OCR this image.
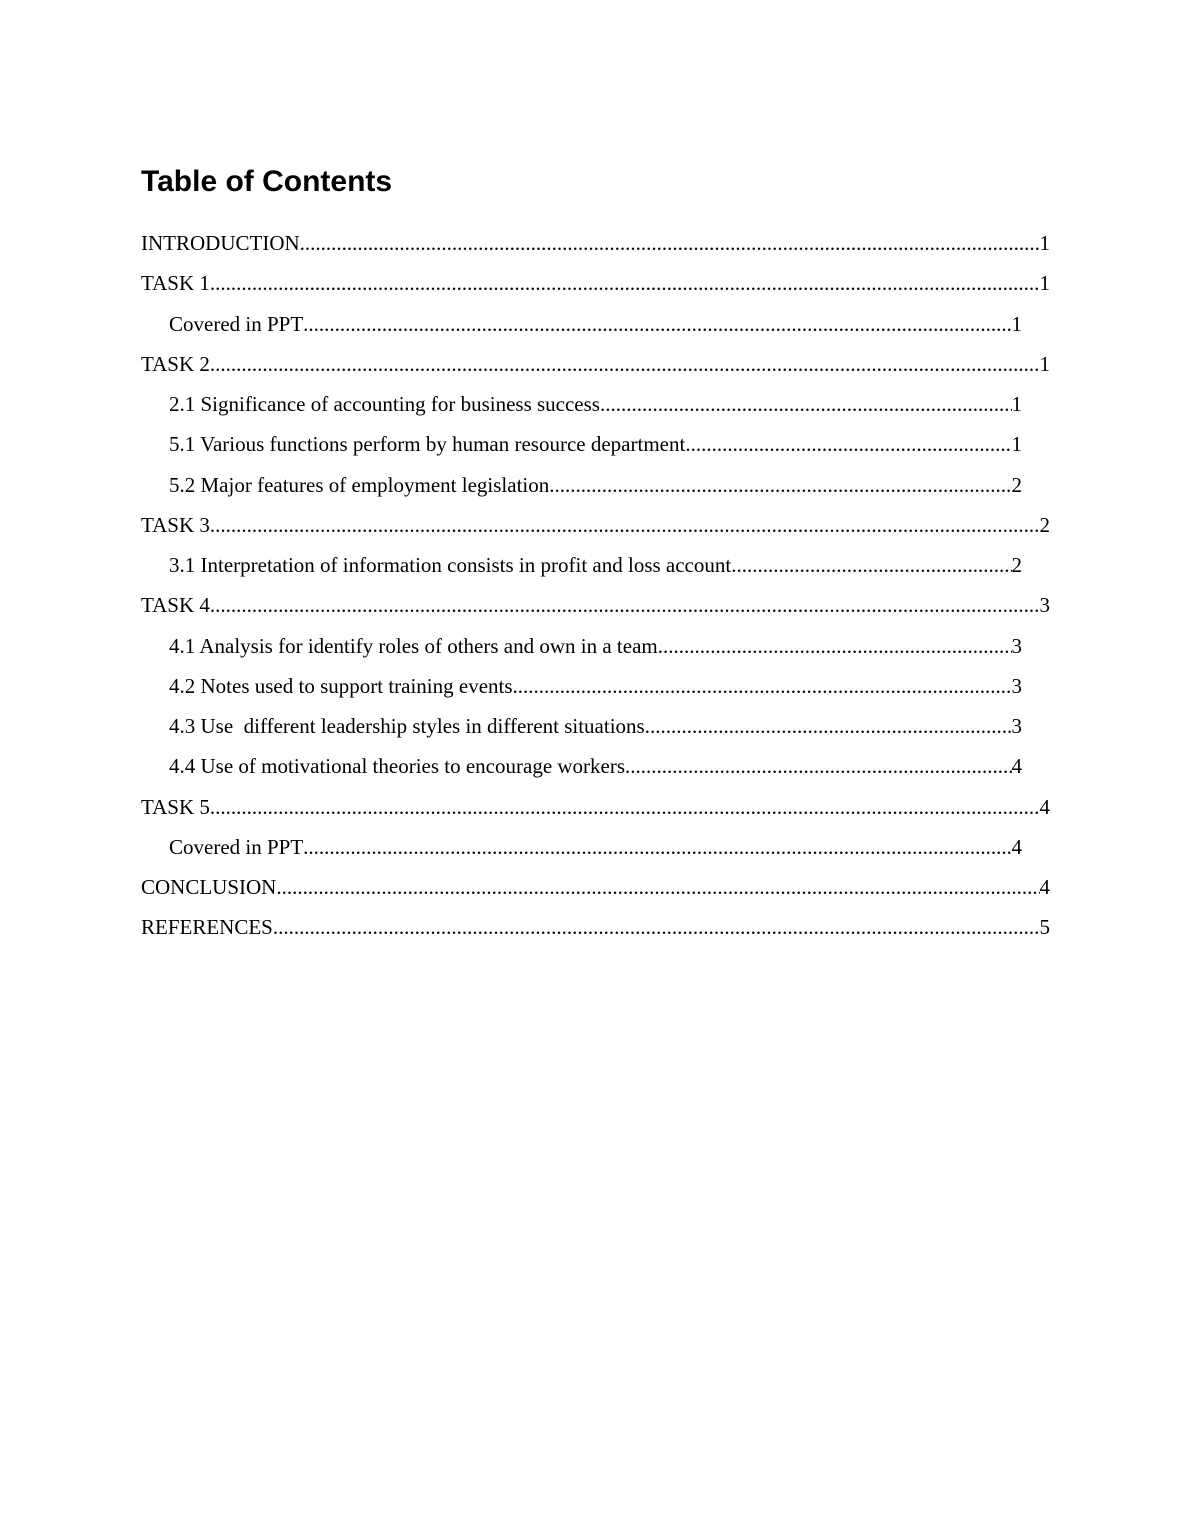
Table of Contents
INTRODUCTION .....	1
TASK 1 .....	1
Covered in PPT .....	1
TASK 2 .....	1
2.1 Significance of accounting for business success .....	1
5.1 Various functions perform by human resource department .....	1
5.2 Major features of employment legislation .....	2
TASK 3 .....	2
3.1 Interpretation of information consists in profit and loss account .....	2
TASK 4 .....	3
4.1 Analysis for identify roles of others and own in a team .....	3
4.2 Notes used to support training events .....	3
4.3 Use  different leadership styles in different situations .....	3
4.4 Use of motivational theories to encourage workers .....	4
TASK 5 .....	4
Covered in PPT .....	4
CONCLUSION .....	4
REFERENCES .....	5
